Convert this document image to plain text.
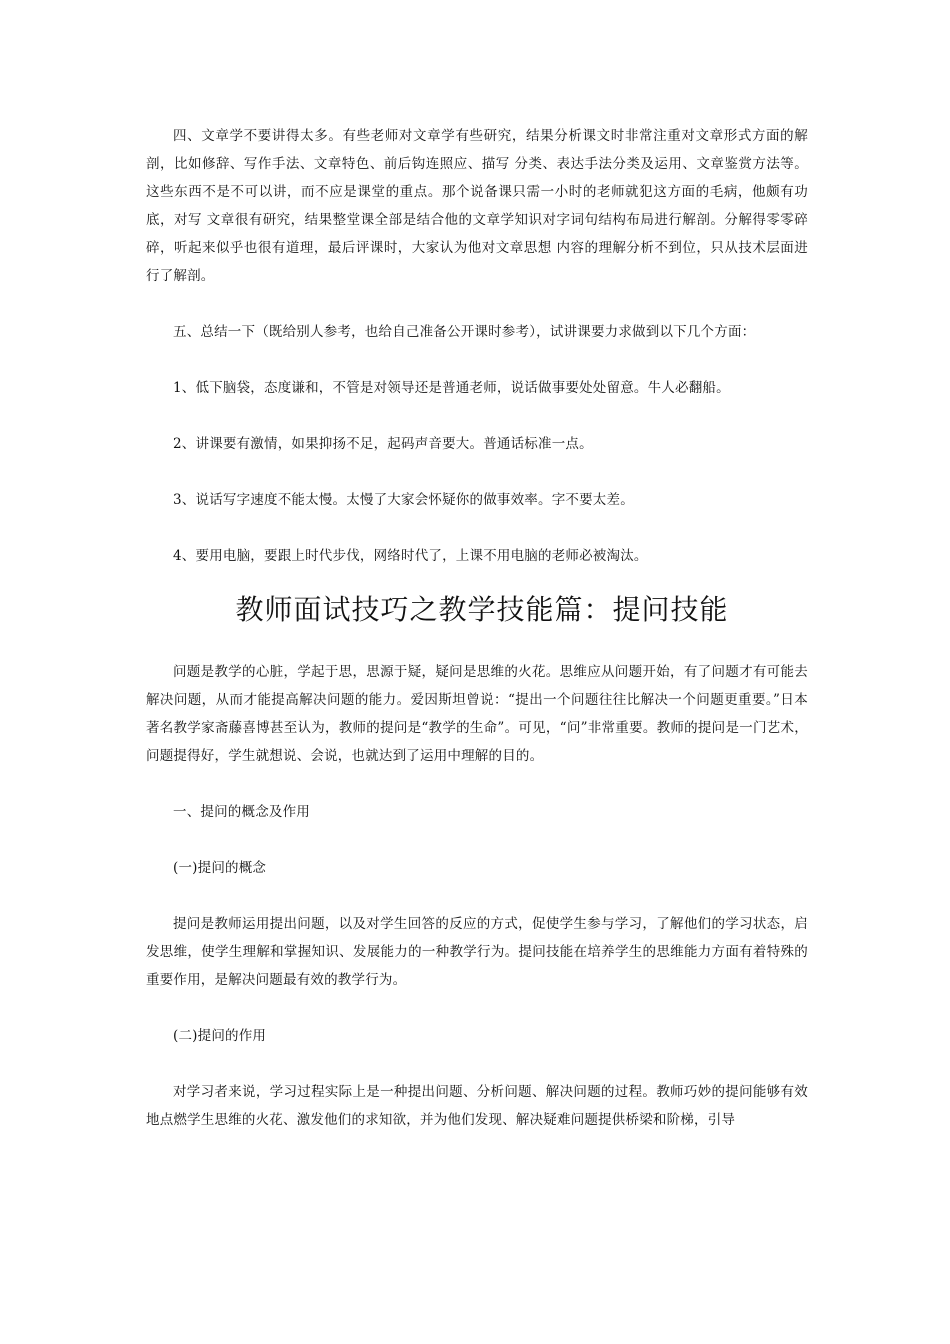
四、文章学不要讲得太多。有些老师对文章学有些研究，结果分析课文时非常注重对文章形式方面的解剖，比如修辞、写作手法、文章特色、前后钩连照应、描写 分类、表达手法分类及运用、文章鉴赏方法等。这些东西不是不可以讲，而不应是课堂的重点。那个说备课只需一小时的老师就犯这方面的毛病，他颇有功底，对写 文章很有研究，结果整堂课全部是结合他的文章学知识对字词句结构布局进行解剖。分解得零零碎碎，听起来似乎也很有道理，最后评课时，大家认为他对文章思想 内容的理解分析不到位，只从技术层面进行了解剖。

五、总结一下（既给别人参考，也给自己准备公开课时参考），试讲课要力求做到以下几个方面：

1、低下脑袋，态度谦和，不管是对领导还是普通老师，说话做事要处处留意。牛人必翻船。

2、讲课要有激情，如果抑扬不足，起码声音要大。普通话标准一点。

3、说话写字速度不能太慢。太慢了大家会怀疑你的做事效率。字不要太差。

4、要用电脑，要跟上时代步伐，网络时代了，上课不用电脑的老师必被淘汰。

教师面试技巧之教学技能篇：提问技能

问题是教学的心脏，学起于思，思源于疑，疑问是思维的火花。思维应从问题开始，有了问题才有可能去解决问题，从而才能提高解决问题的能力。爱因斯坦曾说：“提出一个问题往往比解决一个问题更重要。”日本著名教学家斋藤喜博甚至认为，教师的提问是“教学的生命”。可见，“问”非常重要。教师的提问是一门艺术，问题提得好，学生就想说、会说，也就达到了运用中理解的目的。

一、提问的概念及作用

(一)提问的概念

提问是教师运用提出问题，以及对学生回答的反应的方式，促使学生参与学习，了解他们的学习状态，启发思维，使学生理解和掌握知识、发展能力的一种教学行为。提问技能在培养学生的思维能力方面有着特殊的重要作用，是解决问题最有效的教学行为。

(二)提问的作用

对学习者来说，学习过程实际上是一种提出问题、分析问题、解决问题的过程。教师巧妙的提问能够有效地点燃学生思维的火花、激发他们的求知欲，并为他们发现、解决疑难问题提供桥梁和阶梯，引导
